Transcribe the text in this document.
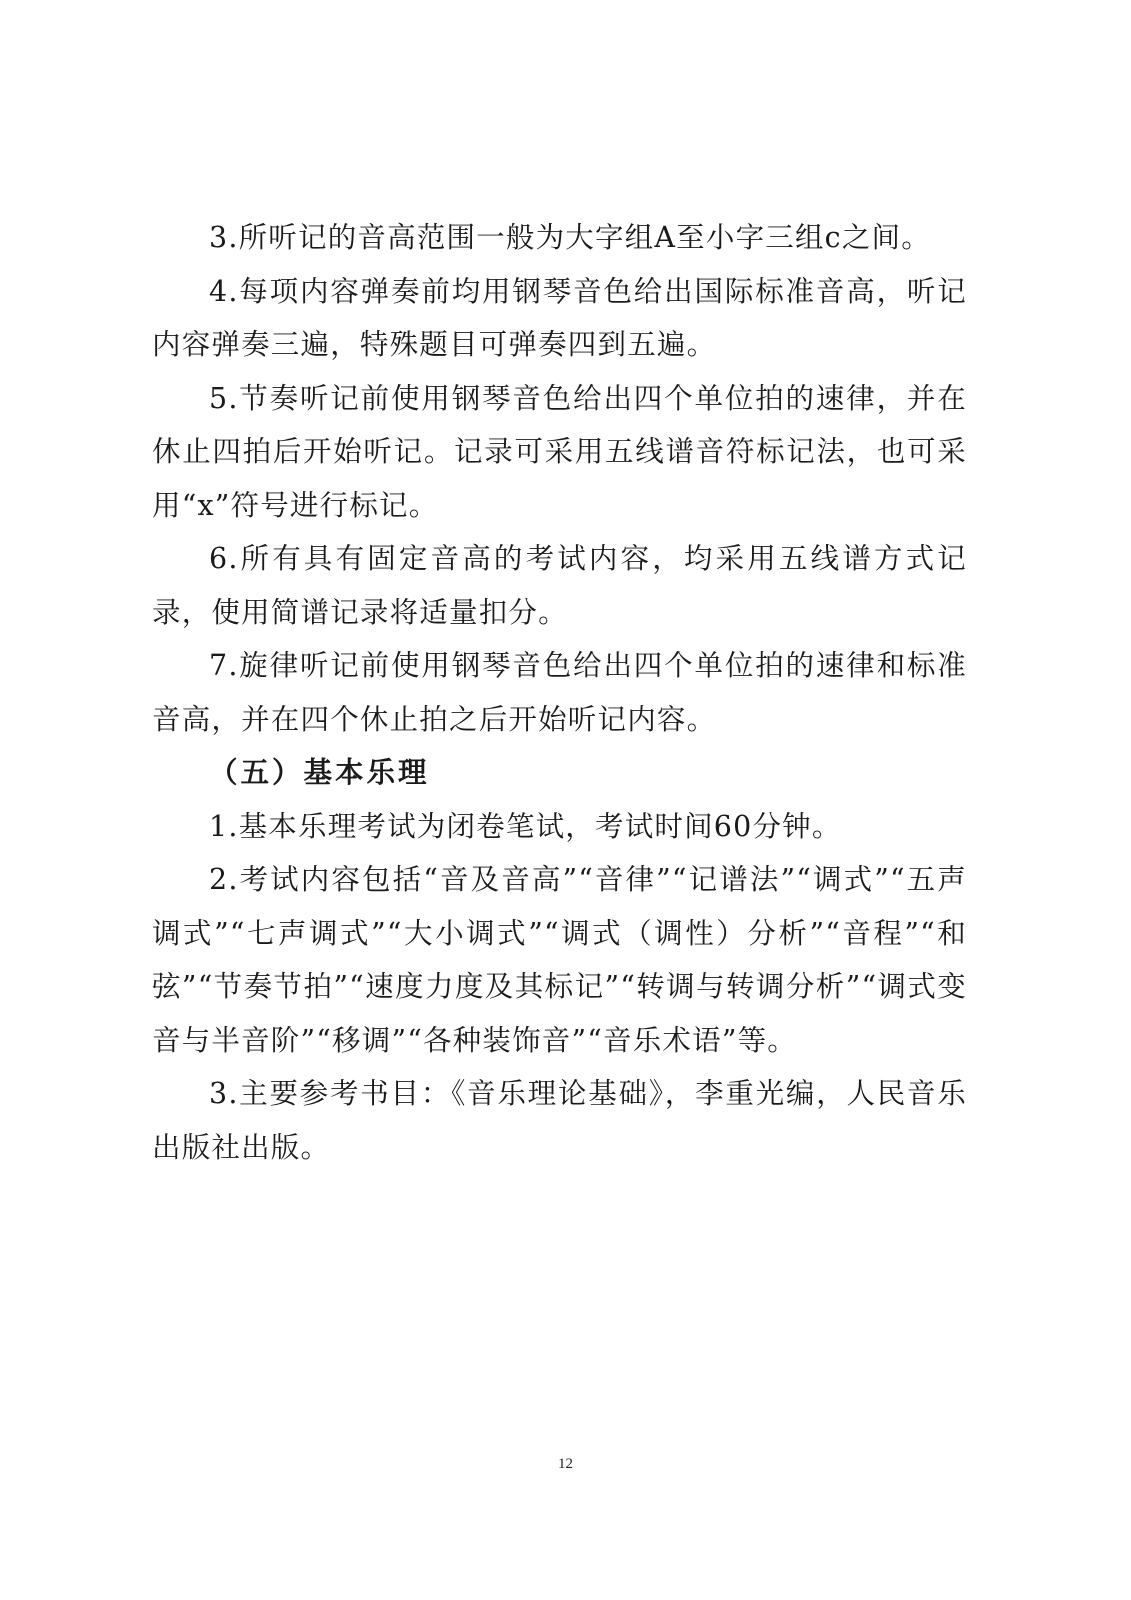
3.所听记的音高范围一般为大字组A至小字三组c之间。

4.每项内容弹奏前均用钢琴音色给出国际标准音高，听记内容弹奏三遍，特殊题目可弹奏四到五遍。

5.节奏听记前使用钢琴音色给出四个单位拍的速律，并在休止四拍后开始听记。记录可采用五线谱音符标记法，也可采用“x”符号进行标记。

6.所有具有固定音高的考试内容，均采用五线谱方式记录，使用简谱记录将适量扣分。

7.旋律听记前使用钢琴音色给出四个单位拍的速律和标准音高，并在四个休止拍之后开始听记内容。

（五）基本乐理

1.基本乐理考试为闭卷笔试，考试时间60分钟。

2.考试内容包括“音及音高”“音律”“记谱法”“调式”“五声调式”“七声调式”“大小调式”“调式（调性）分析”“音程”“和弦”“节奏节拍”“速度力度及其标记”“转调与转调分析”“调式变音与半音阶”“移调”“各种装饰音”“音乐术语”等。

3.主要参考书目：《音乐理论基础》，李重光编，人民音乐出版社出版。

12
